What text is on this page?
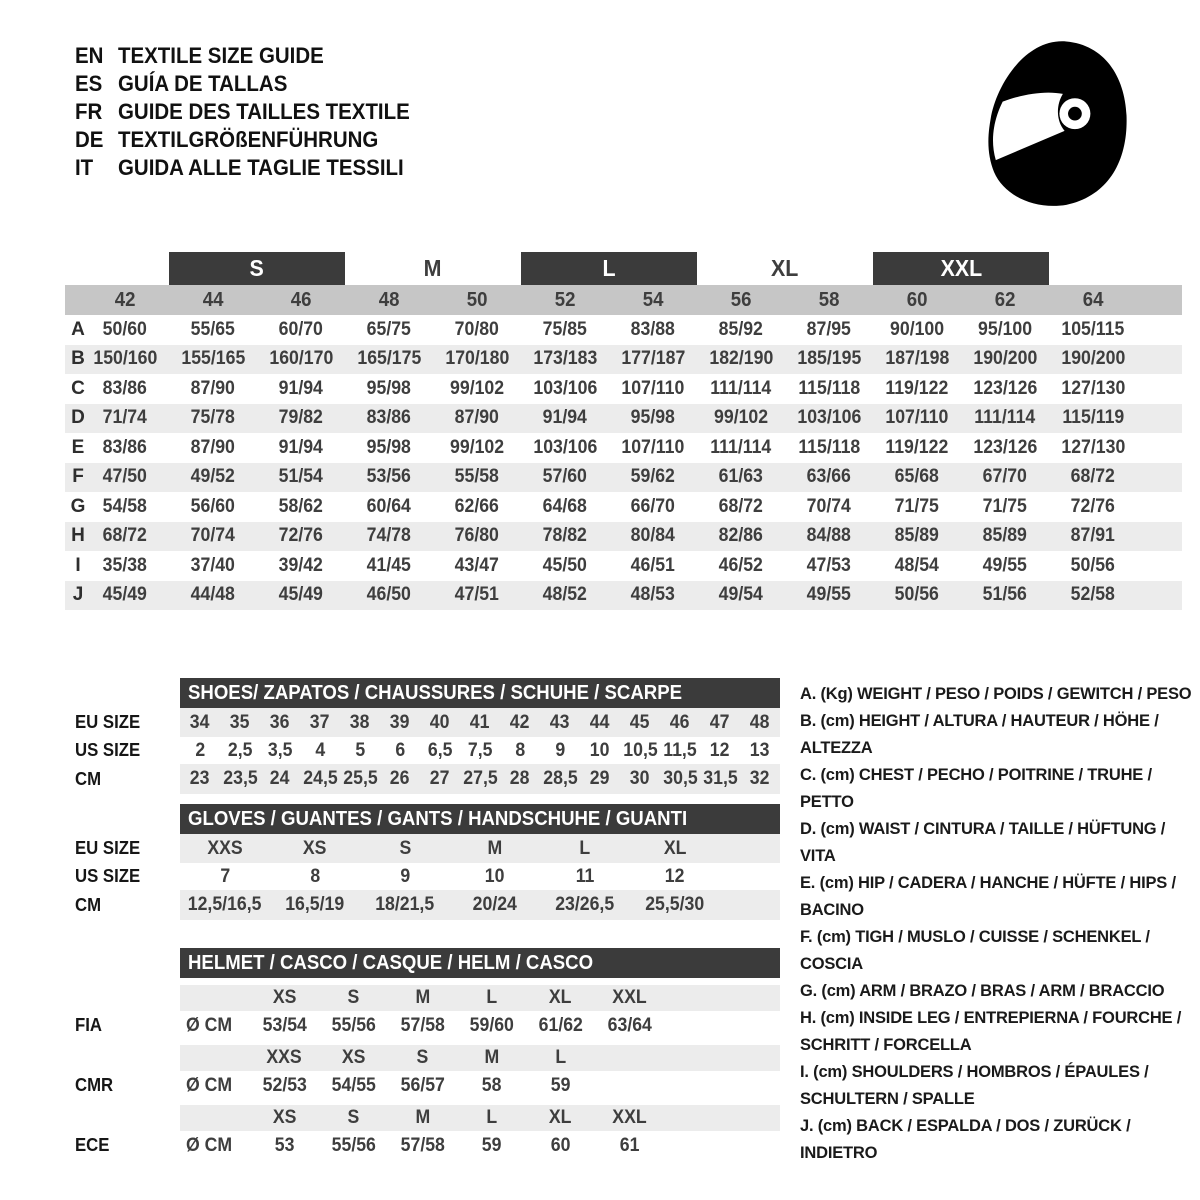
EN TEXTILE SIZE GUIDE
ES GUÍA DE TALLAS
FR GUIDE DES TAILLES TEXTILE
DE TEXTILGRÖßENFÜHRUNG
IT	GUIDA ALLE TAGLIE TESSILI
S	M	L	XL	XXL
42	44	46	48	50	52	54	56	58	60	62	64
A 50/60 55/65 60/70 65/75 70/80 75/85 83/88 85/92 87/95 90/100 95/100 105/115
B 150/160 155/165 160/170 165/175 170/180 173/183 177/187 182/190 185/195 187/198 190/200 190/200
C 83/86 87/90 91/94 95/98 99/102 103/106 107/110 111/114 115/118 119/122 123/126 127/130
D 71/74 75/78 79/82 83/86 87/90 91/94 95/98 99/102 103/106 107/110 111/114 115/119
E 83/86 87/90 91/94 95/98 99/102 103/106 107/110 111/114 115/118 119/122 123/126 127/130
F	47/50 49/52 51/54 53/56 55/58 57/60 59/62 61/63 63/66 65/68 67/70 68/72
G 54/58 56/60 58/62 60/64 62/66 64/68 66/70 68/72 70/74 71/75 71/75 72/76
H 68/72 70/74 72/76 74/78 76/80 78/82 80/84 82/86 84/88 85/89 85/89 87/91
I	35/38 37/40 39/42 41/45 43/47 45/50 46/51 46/52 47/53 48/54 49/55 50/56
J	45/49 44/48 45/49 46/50 47/51 48/52 48/53 49/54 49/55 50/56 51/56 52/58
SHOES/ ZAPATOS / CHAUSSURES / SCHUHE / SCARPE
EU SIZE	34 35 36 37 38 39 40 41 42 43 44 45 46 47 48
US SIZE	2 2,5 3,5 4 5 6 6,5 7,5 8 9 10 10,5 11,5 12 13
CM	23 23,5 24 24,5 25,5 26 27 27,5 28 28,5 29 30 30,5 31,5 32
GLOVES / GUANTES / GANTS / HANDSCHUHE / GUANTI
EU SIZE	XXS	XS	S	M	L	XL
US SIZE	7	8	9	10	11	12
CM	12,5/16,5 16,5/19 18/21,5 20/24 23/26,5 25,5/30
HELMET / CASCO / CASQUE / HELM / CASCO
XS	S	M	L	XL XXL
FIA	Ø CM 53/54 55/56 57/58 59/60 61/62 63/64
XXS XS	S	M	L
CMR	Ø CM 52/53 54/55 56/57 58	59
XS	S	M	L	XL XXL
ECE	Ø CM 53 55/56 57/58 59	60	61
A. (Kg) WEIGHT / PESO / POIDS / GEWITCH / PESO
B. (cm) HEIGHT / ALTURA / HAUTEUR / HÖHE / ALTEZZA
C. (cm) CHEST / PECHO / POITRINE / TRUHE / PETTO
D. (cm) WAIST / CINTURA / TAILLE / HÜFTUNG / VITA
E. (cm) HIP / CADERA / HANCHE / HÜFTE / HIPS / BACINO
F. (cm) TIGH / MUSLO / CUISSE / SCHENKEL / COSCIA
G. (cm) ARM / BRAZO / BRAS / ARM / BRACCIO
H. (cm) INSIDE LEG / ENTREPIERNA / FOURCHE / SCHRITT / FORCELLA
I. (cm) SHOULDERS / HOMBROS / ÉPAULES / SCHULTERN / SPALLE
J. (cm) BACK / ESPALDA / DOS / ZURÜCK / INDIETRO
